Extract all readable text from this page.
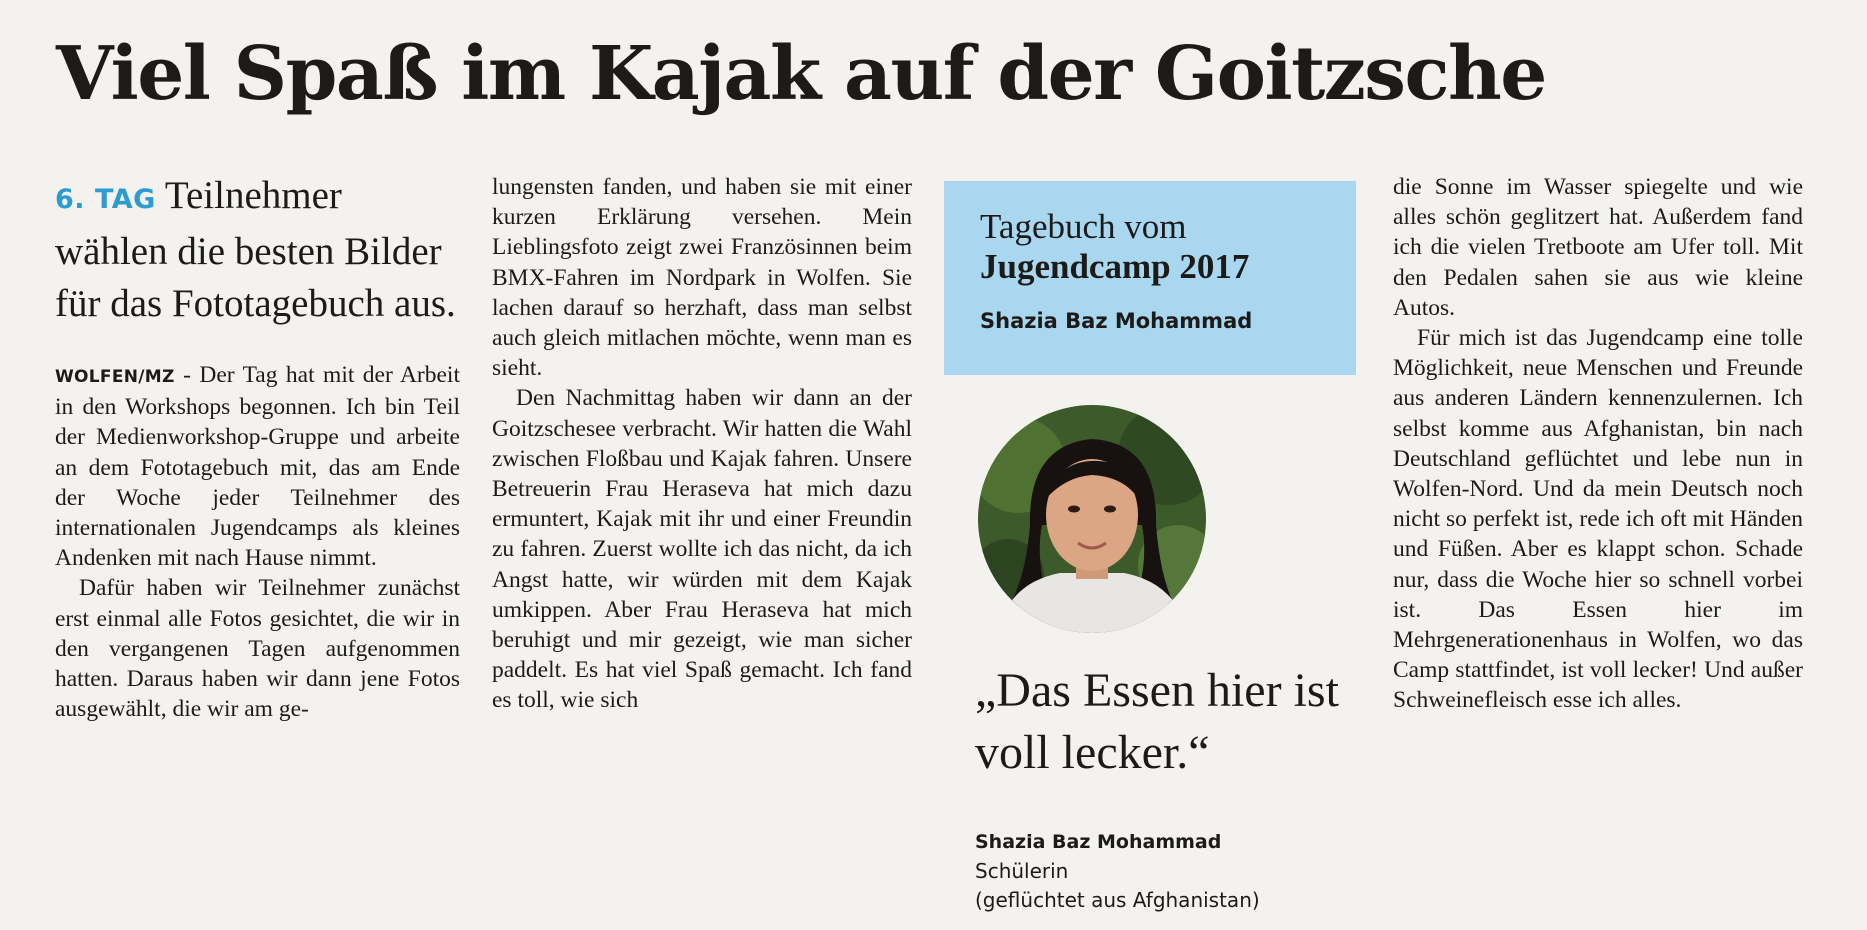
Viel Spaß im Kajak auf der Goitzsche
6. TAG Teilnehmer wählen die besten Bilder für das Fototagebuch aus.

WOLFEN/MZ - Der Tag hat mit der Arbeit in den Workshops begonnen. Ich bin Teil der Medienworkshop-Gruppe und arbeite an dem Fototagebuch mit, das am Ende der Woche jeder Teilnehmer des internationalen Jugendcamps als kleines Andenken mit nach Hause nimmt.

Dafür haben wir Teilnehmer zunächst erst einmal alle Fotos gesichtet, die wir in den vergangenen Tagen aufgenommen hatten. Daraus haben wir dann jene Fotos ausgewählt, die wir am ge-

lungensten fanden, und haben sie mit einer kurzen Erklärung versehen. Mein Lieblingsfoto zeigt zwei Französinnen beim BMX-Fahren im Nordpark in Wolfen. Sie lachen darauf so herzhaft, dass man selbst auch gleich mitlachen möchte, wenn man es sieht.

Den Nachmittag haben wir dann an der Goitzschesee verbracht. Wir hatten die Wahl zwischen Floßbau und Kajak fahren. Unsere Betreuerin Frau Heraseva hat mich dazu ermuntert, Kajak mit ihr und einer Freundin zu fahren. Zuerst wollte ich das nicht, da ich Angst hatte, wir würden mit dem Kajak umkippen. Aber Frau Heraseva hat mich beruhigt und mir gezeigt, wie man sicher paddelt. Es hat viel Spaß gemacht. Ich fand es toll, wie sich

Tagebuch vom
Jugendcamp 2017
Shazia Baz Mohammad
„Das Essen hier ist voll lecker.“
Shazia Baz Mohammad
Schülerin
(geflüchtet aus Afghanistan)

die Sonne im Wasser spiegelte und wie alles schön geglitzert hat. Außerdem fand ich die vielen Tretboote am Ufer toll. Mit den Pedalen sahen sie aus wie kleine Autos.

Für mich ist das Jugendcamp eine tolle Möglichkeit, neue Menschen und Freunde aus anderen Ländern kennenzulernen. Ich selbst komme aus Afghanistan, bin nach Deutschland geflüchtet und lebe nun in Wolfen-Nord. Und da mein Deutsch noch nicht so perfekt ist, rede ich oft mit Händen und Füßen. Aber es klappt schon. Schade nur, dass die Woche hier so schnell vorbei ist. Das Essen hier im Mehrgenerationenhaus in Wolfen, wo das Camp stattfindet, ist voll lecker! Und außer Schweinefleisch esse ich alles.
